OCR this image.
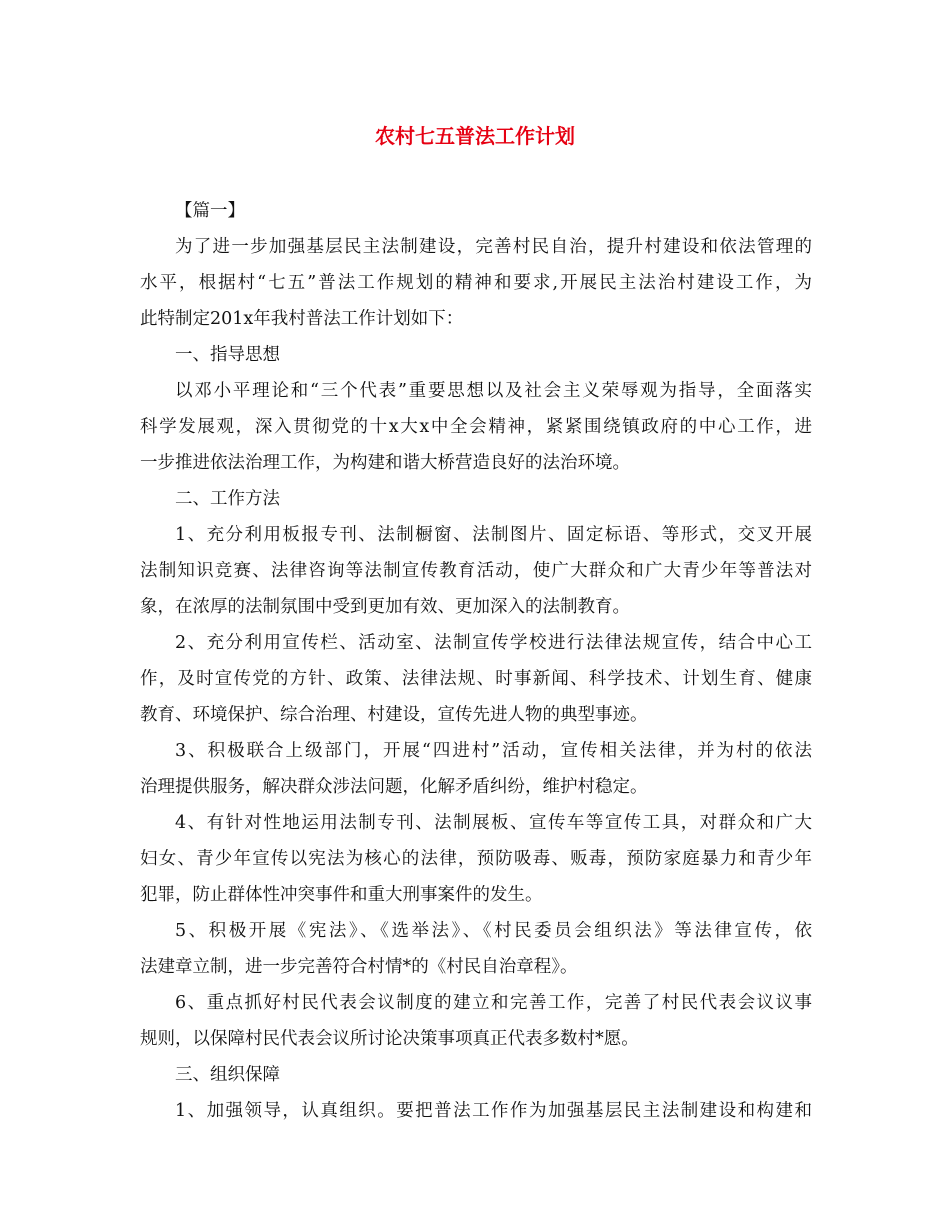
农村七五普法工作计划
【篇一】
为了进一步加强基层民主法制建设，完善村民自治，提升村建设和依法管理的
水平，根据村“七五”普法工作规划的精神和要求,开展民主法治村建设工作，为
此特制定201x年我村普法工作计划如下：
一、指导思想
以邓小平理论和“三个代表”重要思想以及社会主义荣辱观为指导，全面落实
科学发展观，深入贯彻党的十x大x中全会精神，紧紧围绕镇政府的中心工作，进
一步推进依法治理工作，为构建和谐大桥营造良好的法治环境。
二、工作方法
1、充分利用板报专刊、法制橱窗、法制图片、固定标语、等形式，交叉开展
法制知识竞赛、法律咨询等法制宣传教育活动，使广大群众和广大青少年等普法对
象，在浓厚的法制氛围中受到更加有效、更加深入的法制教育。
2、充分利用宣传栏、活动室、法制宣传学校进行法律法规宣传，结合中心工
作，及时宣传党的方针、政策、法律法规、时事新闻、科学技术、计划生育、健康
教育、环境保护、综合治理、村建设，宣传先进人物的典型事迹。
3、积极联合上级部门，开展“四进村”活动，宣传相关法律，并为村的依法
治理提供服务，解决群众涉法问题，化解矛盾纠纷，维护村稳定。
4、有针对性地运用法制专刊、法制展板、宣传车等宣传工具，对群众和广大
妇女、青少年宣传以宪法为核心的法律，预防吸毒、贩毒，预防家庭暴力和青少年
犯罪，防止群体性冲突事件和重大刑事案件的发生。
5、积极开展《宪法》、《选举法》、《村民委员会组织法》等法律宣传，依
法建章立制，进一步完善符合村情*的《村民自治章程》。
6、重点抓好村民代表会议制度的建立和完善工作，完善了村民代表会议议事
规则，以保障村民代表会议所讨论决策事项真正代表多数村*愿。
三、组织保障
1、加强领导，认真组织。要把普法工作作为加强基层民主法制建设和构建和
